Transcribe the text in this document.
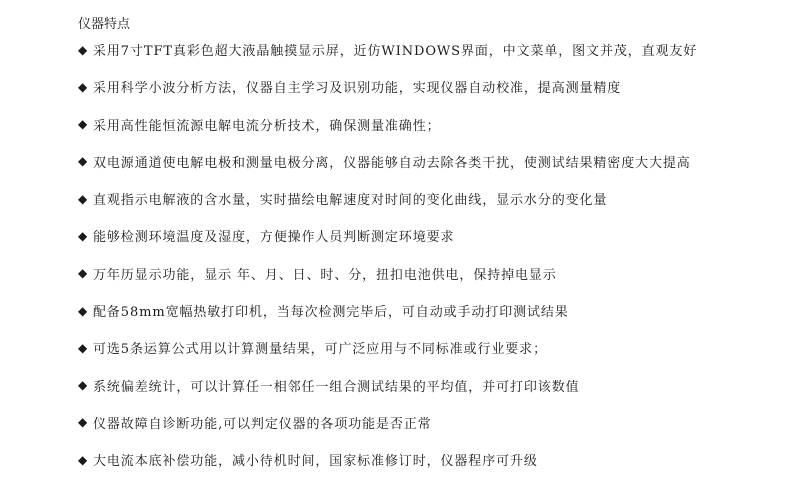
仪器特点
◆ 采用7寸TFT真彩色超大液晶触摸显示屏，近仿WINDOWS界面，中文菜单，图文并茂，直观友好
◆ 采用科学小波分析方法，仪器自主学习及识别功能，实现仪器自动校准，提高测量精度
◆ 采用高性能恒流源电解电流分析技术，确保测量准确性；
◆ 双电源通道使电解电极和测量电极分离，仪器能够自动去除各类干扰，使测试结果精密度大大提高
◆ 直观指示电解液的含水量，实时描绘电解速度对时间的变化曲线，显示水分的变化量
◆ 能够检测环境温度及湿度，方便操作人员判断测定环境要求
◆ 万年历显示功能，显示 年、月、日、时、分，扭扣电池供电，保持掉电显示
◆ 配备58mm宽幅热敏打印机，当每次检测完毕后，可自动或手动打印测试结果
◆ 可选5条运算公式用以计算测量结果，可广泛应用与不同标准或行业要求；
◆ 系统偏差统计，可以计算任一相邻任一组合测试结果的平均值，并可打印该数值
◆ 仪器故障自诊断功能,可以判定仪器的各项功能是否正常
◆ 大电流本底补偿功能，减小待机时间，国家标准修订时，仪器程序可升级
